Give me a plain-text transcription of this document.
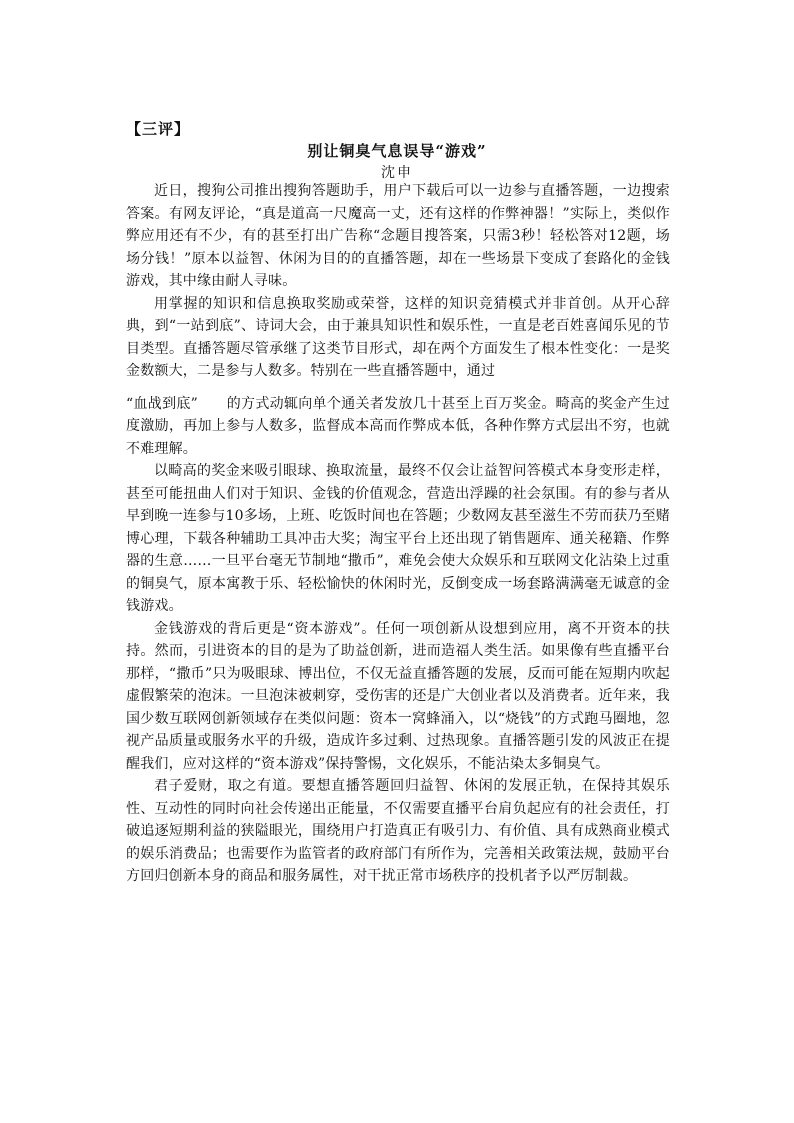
【三评】
别让铜臭气息误导“游戏”
沈申

近日，搜狗公司推出搜狗答题助手，用户下载后可以一边参与直播答题，一边搜索答案。有网友评论，“真是道高一尺魔高一丈，还有这样的作弊神器！”实际上，类似作弊应用还有不少，有的甚至打出广告称“念题目搜答案，只需3秒！轻松答对12题，场场分钱！”原本以益智、休闲为目的的直播答题，却在一些场景下变成了套路化的金钱游戏，其中缘由耐人寻味。

用掌握的知识和信息换取奖励或荣誉，这样的知识竞猜模式并非首创。从开心辞典，到“一站到底”、诗词大会，由于兼具知识性和娱乐性，一直是老百姓喜闻乐见的节目类型。直播答题尽管承继了这类节目形式，却在两个方面发生了根本性变化：一是奖金数额大，二是参与人数多。特别在一些直播答题中，通过

“血战到底”　　的方式动辄向单个通关者发放几十甚至上百万奖金。畸高的奖金产生过度激励，再加上参与人数多，监督成本高而作弊成本低，各种作弊方式层出不穷，也就不难理解。

以畸高的奖金来吸引眼球、换取流量，最终不仅会让益智问答模式本身变形走样，甚至可能扭曲人们对于知识、金钱的价值观念，营造出浮躁的社会氛围。有的参与者从早到晚一连参与10多场，上班、吃饭时间也在答题；少数网友甚至滋生不劳而获乃至赌博心理，下载各种辅助工具冲击大奖；淘宝平台上还出现了销售题库、通关秘籍、作弊器的生意……一旦平台毫无节制地“撒币”，难免会使大众娱乐和互联网文化沾染上过重的铜臭气，原本寓教于乐、轻松愉快的休闲时光，反倒变成一场套路满满毫无诚意的金钱游戏。

金钱游戏的背后更是“资本游戏”。任何一项创新从设想到应用，离不开资本的扶持。然而，引进资本的目的是为了助益创新，进而造福人类生活。如果像有些直播平台那样，“撒币”只为吸眼球、博出位，不仅无益直播答题的发展，反而可能在短期内吹起虚假繁荣的泡沫。一旦泡沫被刺穿，受伤害的还是广大创业者以及消费者。近年来，我国少数互联网创新领域存在类似问题：资本一窝蜂涌入，以“烧钱”的方式跑马圈地，忽视产品质量或服务水平的升级，造成许多过剩、过热现象。直播答题引发的风波正在提醒我们，应对这样的“资本游戏”保持警惕，文化娱乐，不能沾染太多铜臭气。

君子爱财，取之有道。要想直播答题回归益智、休闲的发展正轨，在保持其娱乐性、互动性的同时向社会传递出正能量，不仅需要直播平台肩负起应有的社会责任，打破追逐短期利益的狭隘眼光，围绕用户打造真正有吸引力、有价值、具有成熟商业模式的娱乐消费品；也需要作为监管者的政府部门有所作为，完善相关政策法规，鼓励平台方回归创新本身的商品和服务属性，对干扰正常市场秩序的投机者予以严厉制裁。
